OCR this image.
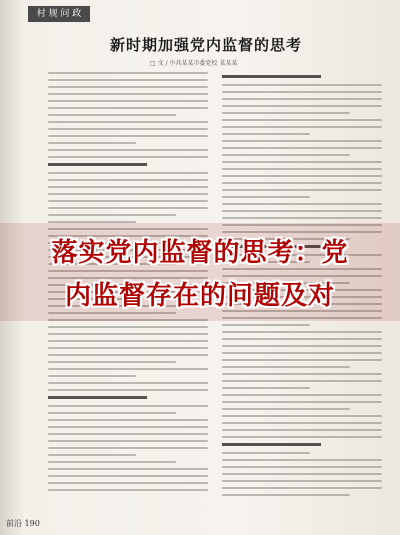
村 规 问 政
新时期加强党内监督的思考
□ 文 / 中共某某市委党校 某某某
落实党内监督的思考：党
内监督存在的问题及对
前沿 190
